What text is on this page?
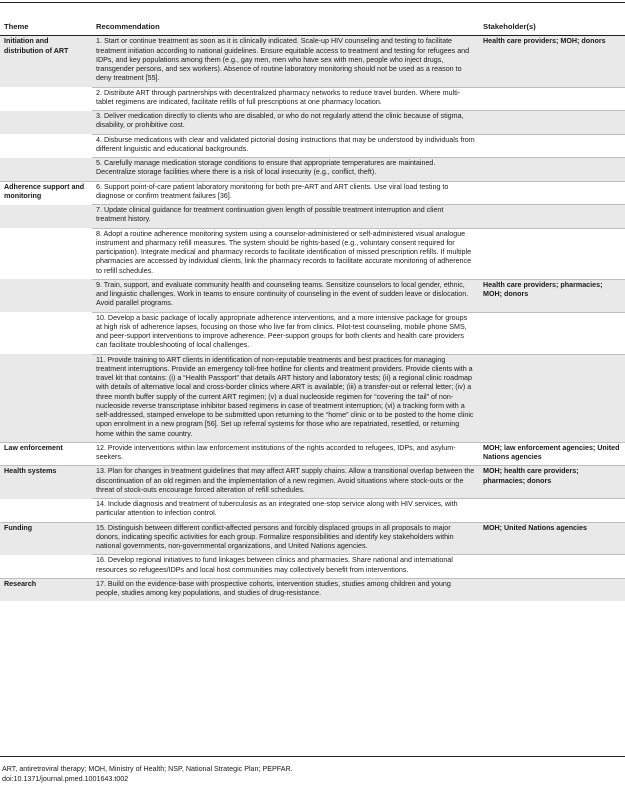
Theme	Recommendation	Stakeholder(s)
Initiation and distribution of ART	1. Start or continue treatment as soon as it is clinically indicated. Scale-up HIV counseling and testing to facilitate treatment initiation according to national guidelines. Ensure equitable access to treatment and testing for refugees and IDPs, and key populations among them (e.g., gay men, men who have sex with men, people who inject drugs, transgender persons, and sex workers). Absence of routine laboratory monitoring should not be used as a reason to deny treatment [55].	Health care providers; MOH; donors
	2. Distribute ART through partnerships with decentralized pharmacy networks to reduce travel burden. Where multi-tablet regimens are indicated, facilitate refills of full prescriptions at one pharmacy location.	
	3. Deliver medication directly to clients who are disabled, or who do not regularly attend the clinic because of stigma, disability, or prohibitive cost.	
	4. Disburse medications with clear and validated pictorial dosing instructions that may be understood by individuals from different linguistic and educational backgrounds.	
	5. Carefully manage medication storage conditions to ensure that appropriate temperatures are maintained. Decentralize storage facilities where there is a risk of local insecurity (e.g., conflict, theft).	
Adherence support and monitoring	6. Support point-of-care patient laboratory monitoring for both pre-ART and ART clients. Use viral load testing to diagnose or confirm treatment failures [36].	
	7. Update clinical guidance for treatment continuation given length of possible treatment interruption and client treatment history.	
	8. Adopt a routine adherence monitoring system using a counselor-administered or self-administered visual analogue instrument and pharmacy refill measures. The system should be rights-based (e.g., voluntary consent required for participation). Integrate medical and pharmacy records to facilitate identification of missed prescription refills. If multiple pharmacies are accessed by individual clients, link the pharmacy records to facilitate accurate monitoring of adherence to refill schedules.	
	9. Train, support, and evaluate community health and counseling teams. Sensitize counselors to local gender, ethnic, and linguistic challenges. Work in teams to ensure continuity of counseling in the event of sudden leave or dislocation. Avoid parallel programs.	Health care providers; pharmacies; MOH; donors
	10. Develop a basic package of locally appropriate adherence interventions, and a more intensive package for groups at high risk of adherence lapses, focusing on those who live far from clinics. Pilot-test counseling, mobile phone SMS, and peer-support interventions to improve adherence. Peer-support groups for both clients and health care providers can facilitate troubleshooting of local challenges.	
	11. Provide training to ART clients in identification of non-reputable treatments and best practices for managing treatment interruptions. Provide an emergency toll-free hotline for clients and treatment providers. Provide clients with a travel kit that contains: (i) a “Health Passport” that details ART history and laboratory tests; (ii) a regional clinic roadmap with details of alternative local and cross-border clinics where ART is available; (iii) a transfer-out or referral letter; (iv) a three month buffer supply of the current ART regimen; (v) a dual nucleoside regimen for “covering the tail” of non-nucleoside reverse transcriptase inhibitor based regimens in case of treatment interruption; (vi) a tracking form with a self-addressed, stamped envelope to be submitted upon returning to the “home” clinic or to be posted to the home clinic upon enrolment in a new program [56]. Set up referral systems for those who are repatriated, resettled, or returning home within the same country.	
Law enforcement	12. Provide interventions within law enforcement institutions of the rights accorded to refugees, IDPs, and asylum-seekers.	MOH; law enforcement agencies; United Nations agencies
Health systems	13. Plan for changes in treatment guidelines that may affect ART supply chains. Allow a transitional overlap between the discontinuation of an old regimen and the implementation of a new regimen. Avoid situations where stock-outs or the threat of stock-outs encourage forced alteration of refill schedules.	MOH; health care providers; pharmacies; donors
	14. Include diagnosis and treatment of tuberculosis as an integrated one-stop service along with HIV services, with particular attention to infection control.	
Funding	15. Distinguish between different conflict-affected persons and forcibly displaced groups in all proposals to major donors, indicating specific activities for each group. Formalize responsibilities and identify key stakeholders within national governments, non-governmental organizations, and United Nations agencies.	MOH; United Nations agencies
	16. Develop regional initiatives to fund linkages between clinics and pharmacies. Share national and international resources so refugees/IDPs and local host communities may collectively benefit from interventions.	
Research	17. Build on the evidence-base with prospective cohorts, intervention studies, studies among children and young people, studies among key populations, and studies of drug-resistance.	
ART, antiretroviral therapy; MOH, Ministry of Health; NSP, National Strategic Plan; PEPFAR.
doi:10.1371/journal.pmed.1001643.t002
